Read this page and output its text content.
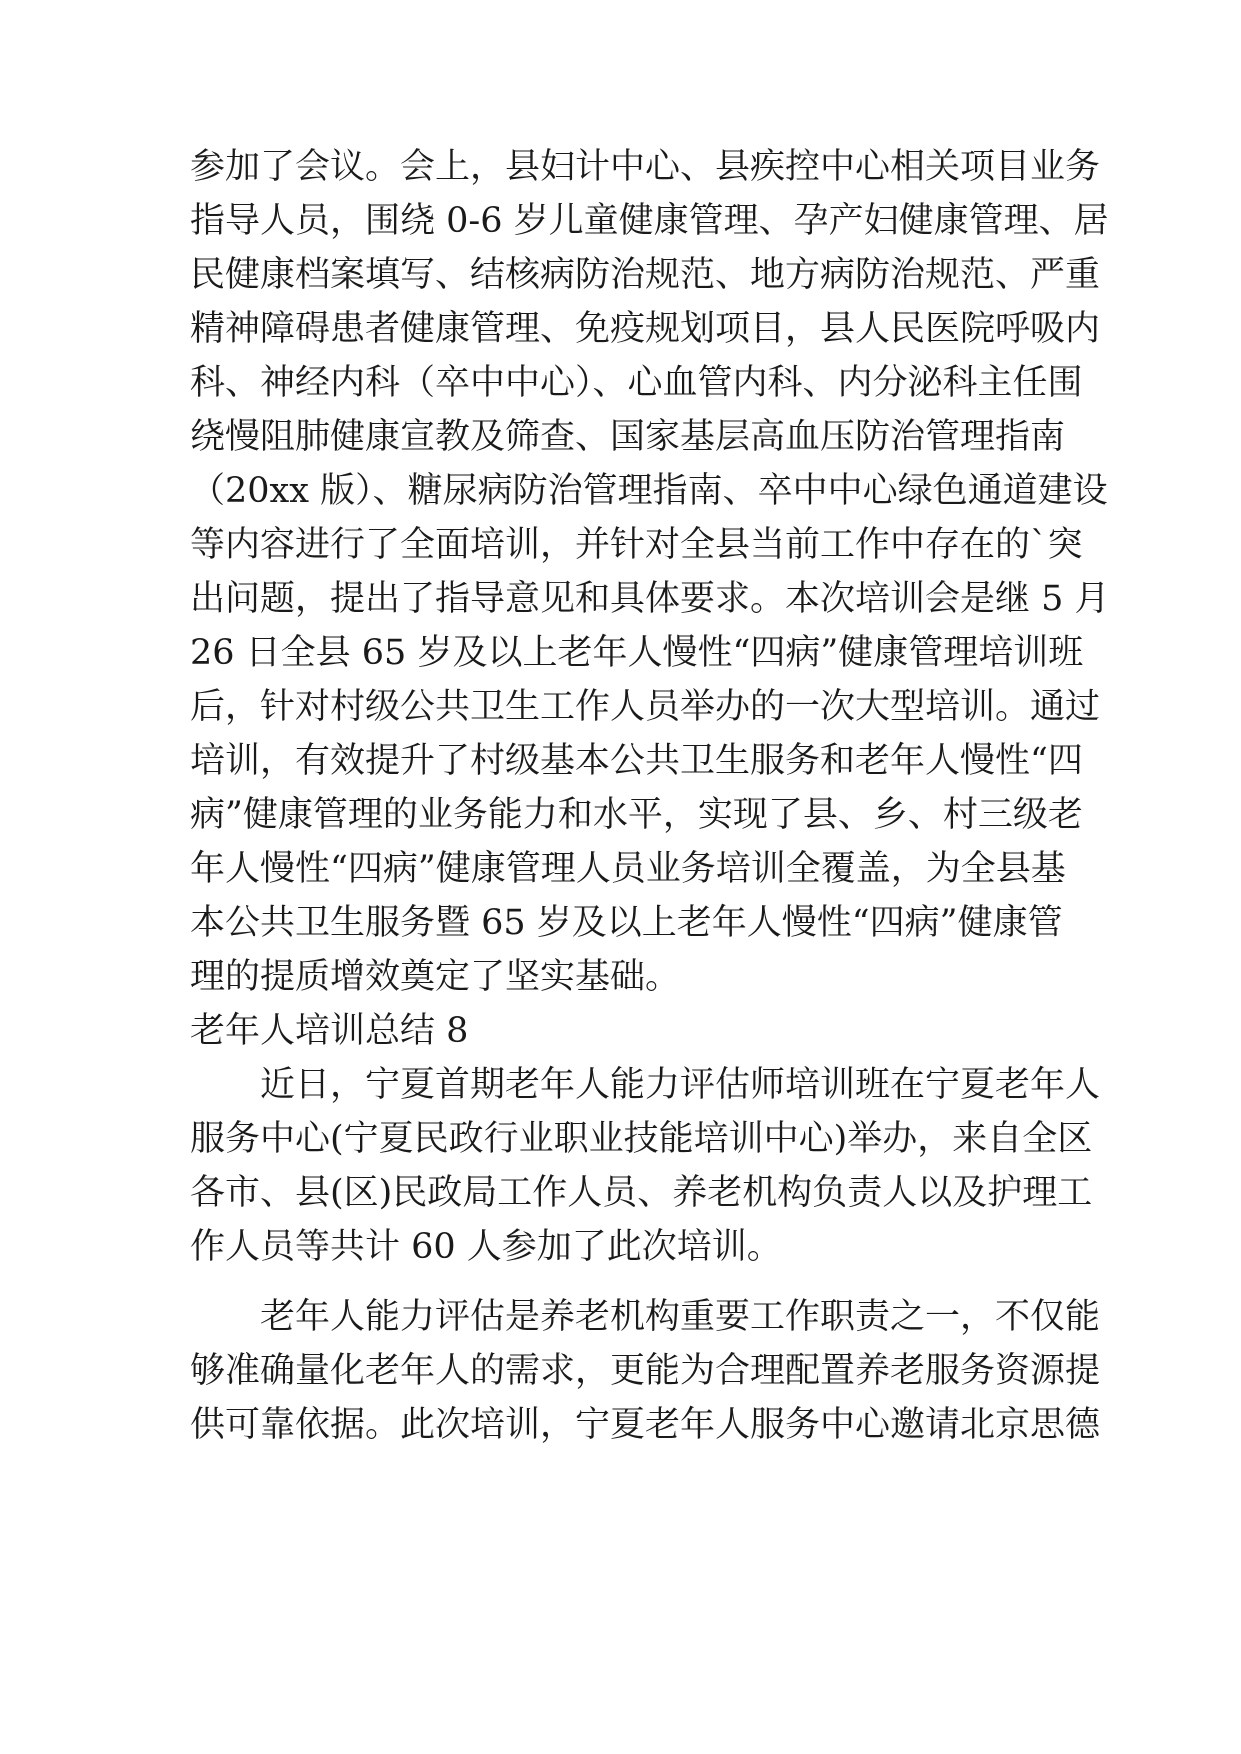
参加了会议。会上，县妇计中心、县疾控中心相关项目业务
指导人员，围绕 0-6 岁儿童健康管理、孕产妇健康管理、居
民健康档案填写、结核病防治规范、地方病防治规范、严重
精神障碍患者健康管理、免疫规划项目，县人民医院呼吸内
科、神经内科（卒中中心）、心血管内科、内分泌科主任围
绕慢阻肺健康宣教及筛查、国家基层高血压防治管理指南
（20xx 版）、糖尿病防治管理指南、卒中中心绿色通道建设
等内容进行了全面培训，并针对全县当前工作中存在的`突
出问题，提出了指导意见和具体要求。本次培训会是继 5 月
26 日全县 65 岁及以上老年人慢性“四病”健康管理培训班
后，针对村级公共卫生工作人员举办的一次大型培训。通过
培训，有效提升了村级基本公共卫生服务和老年人慢性“四
病”健康管理的业务能力和水平，实现了县、乡、村三级老
年人慢性“四病”健康管理人员业务培训全覆盖，为全县基
本公共卫生服务暨 65 岁及以上老年人慢性“四病”健康管
理的提质增效奠定了坚实基础。
老年人培训总结 8
近日，宁夏首期老年人能力评估师培训班在宁夏老年人
服务中心(宁夏民政行业职业技能培训中心)举办，来自全区
各市、县(区)民政局工作人员、养老机构负责人以及护理工
作人员等共计 60 人参加了此次培训。
老年人能力评估是养老机构重要工作职责之一，不仅能
够准确量化老年人的需求，更能为合理配置养老服务资源提
供可靠依据。此次培训，宁夏老年人服务中心邀请北京思德
